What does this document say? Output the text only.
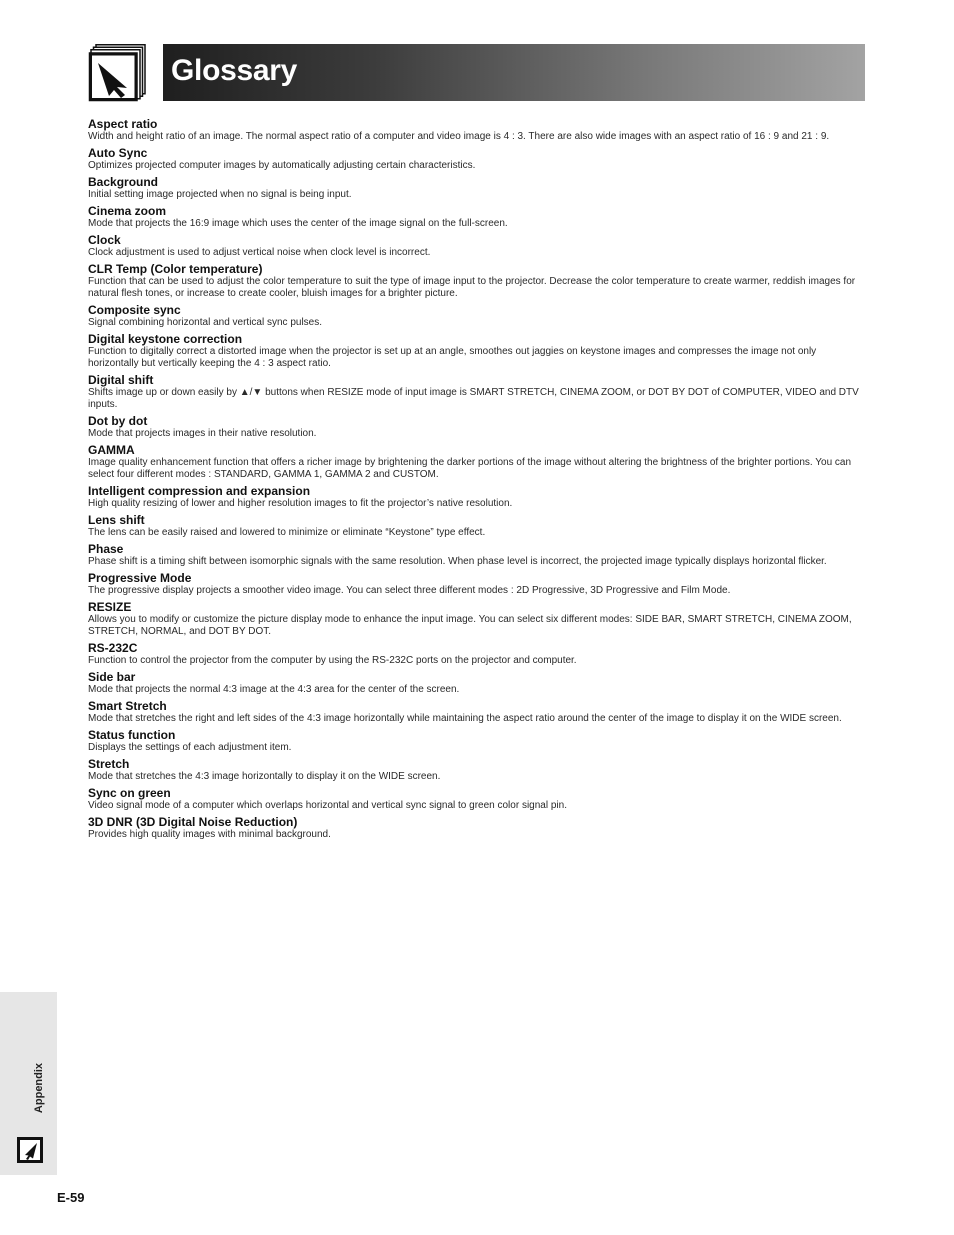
Glossary
Aspect ratio
Width and height ratio of an image. The normal aspect ratio of a computer and video image is 4 : 3. There are also wide images with an aspect ratio of 16 : 9 and 21 : 9.
Auto Sync
Optimizes projected computer images by automatically adjusting certain characteristics.
Background
Initial setting image projected when no signal is being input.
Cinema zoom
Mode that projects the 16:9 image which uses the center of the image signal on the full-screen.
Clock
Clock adjustment is used to adjust vertical noise when clock level is incorrect.
CLR Temp (Color temperature)
Function that can be used to adjust the color temperature to suit the type of image input to the projector. Decrease the color temperature to create warmer, reddish images for natural flesh tones, or increase to create cooler, bluish images for a brighter picture.
Composite sync
Signal combining horizontal and vertical sync pulses.
Digital keystone correction
Function to digitally correct a distorted image when the projector is set up at an angle, smoothes out jaggies on keystone images and compresses the image not only horizontally but vertically keeping the 4 : 3 aspect ratio.
Digital shift
Shifts image up or down easily by ▲/▼ buttons when RESIZE mode of input image is SMART STRETCH, CINEMA ZOOM, or DOT BY DOT of COMPUTER, VIDEO and DTV inputs.
Dot by dot
Mode that projects images in their native resolution.
GAMMA
Image quality enhancement function that offers a richer image by brightening the darker portions of the image without altering the brightness of the brighter portions. You can select four different modes : STANDARD, GAMMA 1, GAMMA 2 and CUSTOM.
Intelligent compression and expansion
High quality resizing of lower and higher resolution images to fit the projector’s native resolution.
Lens shift
The lens can be easily raised and lowered to minimize or eliminate “Keystone” type effect.
Phase
Phase shift is a timing shift between isomorphic signals with the same resolution. When phase level is incorrect, the projected image typically displays horizontal flicker.
Progressive Mode
The progressive display projects a smoother video image. You can select three different modes : 2D Progressive, 3D Progressive and Film Mode.
RESIZE
Allows you to modify or customize the picture display mode to enhance the input image. You can select six different modes: SIDE BAR, SMART STRETCH, CINEMA ZOOM, STRETCH, NORMAL, and DOT BY DOT.
RS-232C
Function to control the projector from the computer by using the RS-232C ports on the projector and computer.
Side bar
Mode that projects the normal 4:3 image at the 4:3 area for the center of the screen.
Smart Stretch
Mode that stretches the right and left sides of the 4:3 image horizontally while maintaining the aspect ratio around the center of the image to display it on the WIDE screen.
Status function
Displays the settings of each adjustment item.
Stretch
Mode that stretches the 4:3 image horizontally to display it on the WIDE screen.
Sync on green
Video signal mode of a computer which overlaps horizontal and vertical sync signal to green color signal pin.
3D DNR (3D Digital Noise Reduction)
Provides high quality images with minimal background.
Appendix
E-59
